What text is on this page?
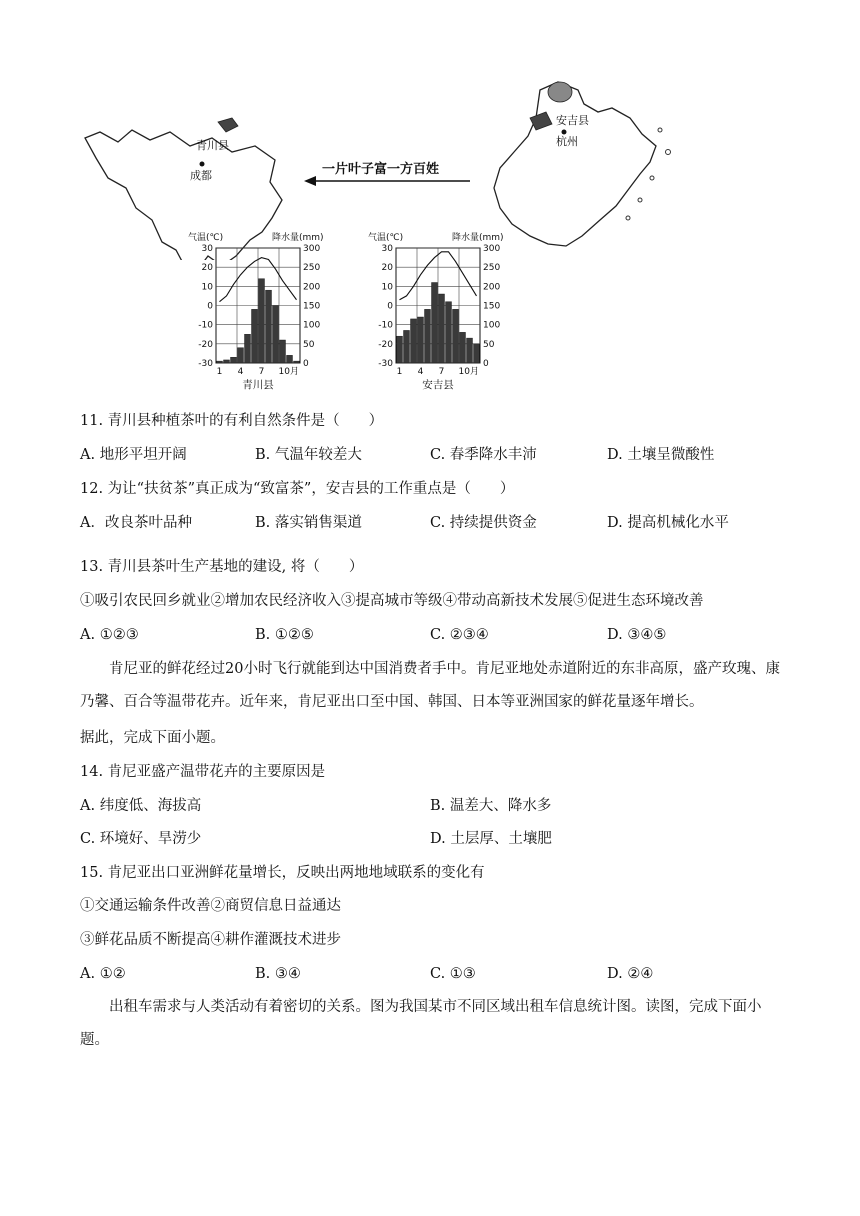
一片叶子富一方百姓
青川县
成都
安吉县
杭州
气温(℃)	降水量(mm)
30	300
20	250
10	200
0	150
-10	100
-20	50
-30	0
1 4 7 10月
青川县
气温(℃)	降水量(mm)
30	300
20	250
10	200
0	150
-10	100
-20	50
-30	0
1 4 7 10月
安吉县
11. 青川县种植茶叶的有利自然条件是（　　）
A. 地形平坦开阔	B. 气温年较差大	C. 春季降水丰沛	D. 土壤呈微酸性
12. 为让“扶贫茶”真正成为“致富茶”，安吉县的工作重点是（　　）
A．改良茶叶品种	B. 落实销售渠道	C. 持续提供资金	D. 提高机械化水平
13. 青川县茶叶生产基地的建设, 将（　　）
①吸引农民回乡就业②增加农民经济收入③提高城市等级④带动高新技术发展⑤促进生态环境改善
A. ①②③	B. ①②⑤	C. ②③④	D. ③④⑤
肯尼亚的鲜花经过20小时飞行就能到达中国消费者手中。肯尼亚地处赤道附近的东非高原，盛产玫瑰、康乃馨、百合等温带花卉。近年来，肯尼亚出口至中国、韩国、日本等亚洲国家的鲜花量逐年增长。
据此，完成下面小题。
14. 肯尼亚盛产温带花卉的主要原因是
A. 纬度低、海拔高	B. 温差大、降水多
C. 环境好、旱涝少	D. 土层厚、土壤肥
15. 肯尼亚出口亚洲鲜花量增长，反映出两地地域联系的变化有
①交通运输条件改善②商贸信息日益通达
③鲜花品质不断提高④耕作灌溉技术进步
A. ①②	B. ③④	C. ①③	D. ②④
出租车需求与人类活动有着密切的关系。图为我国某市不同区域出租车信息统计图。读图，完成下面小题。
